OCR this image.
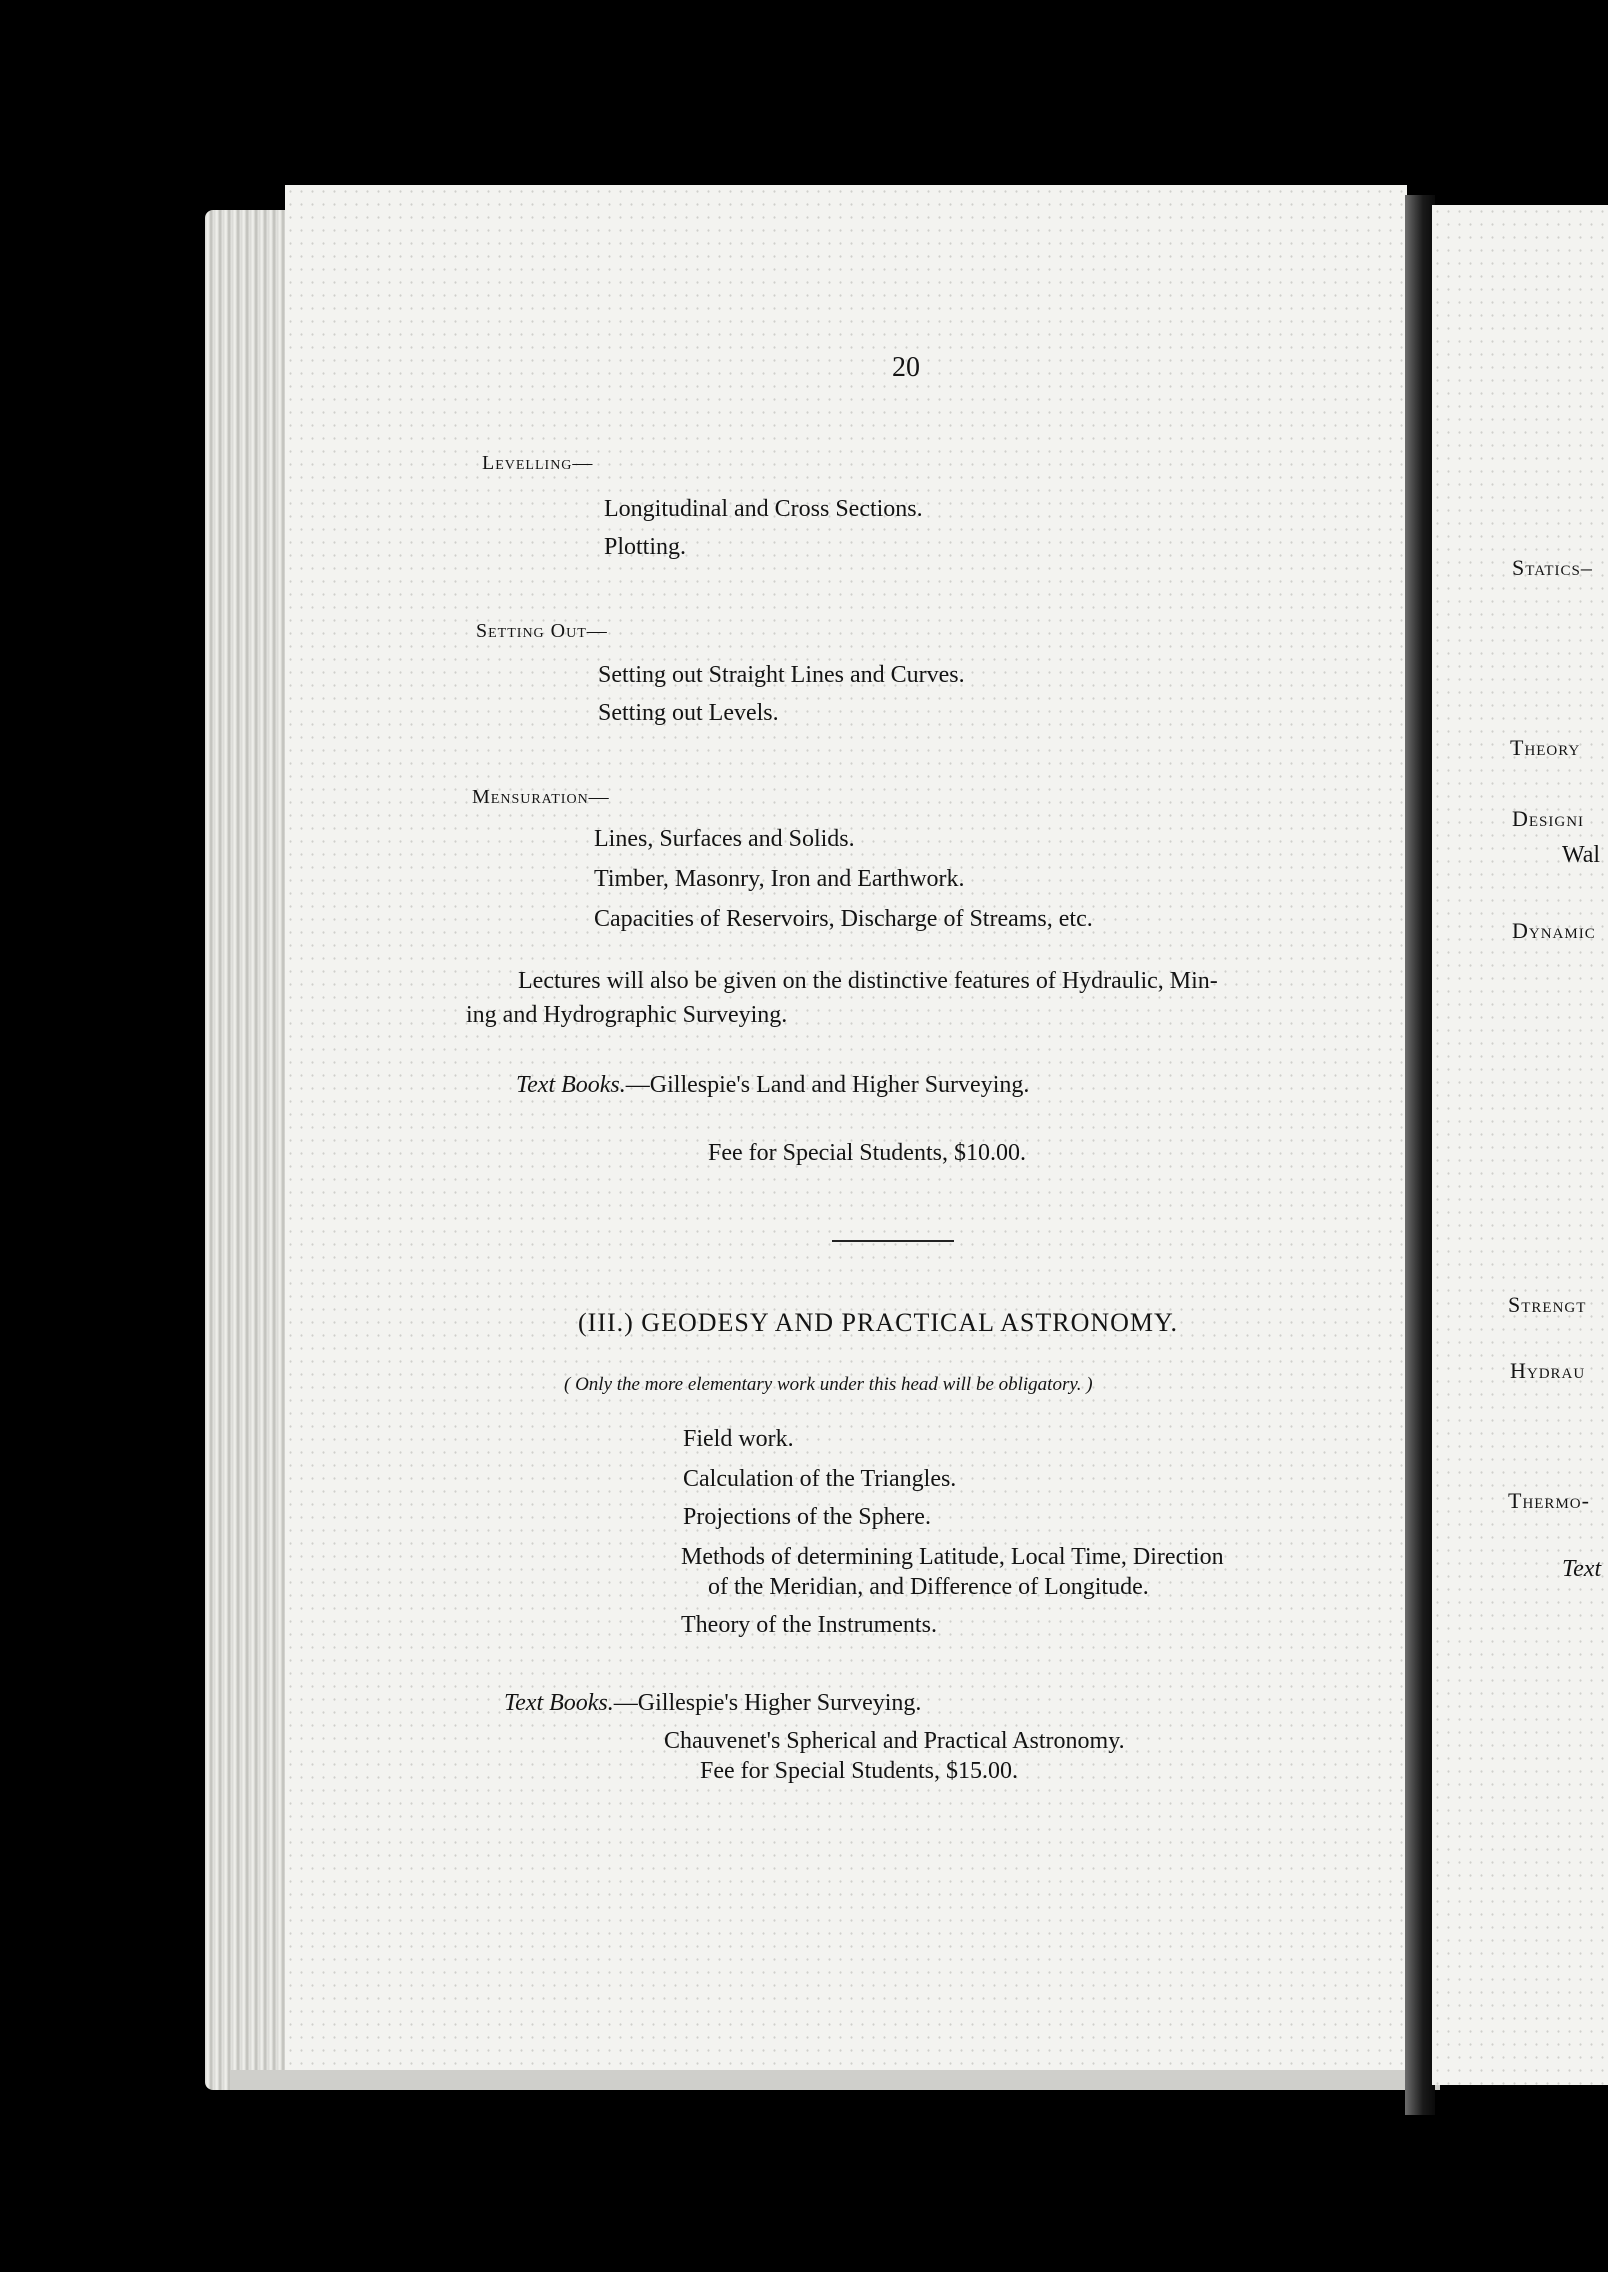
20
Levelling—
Longitudinal and Cross Sections.
Plotting.
Setting Out—
Setting out Straight Lines and Curves.
Setting out Levels.
Mensuration—
Lines, Surfaces and Solids.
Timber, Masonry, Iron and Earthwork.
Capacities of Reservoirs, Discharge of Streams, etc.
Lectures will also be given on the distinctive features of Hydraulic, Min-
ing and Hydrographic Surveying.
Text Books.—Gillespie's Land and Higher Surveying.
Fee for Special Students, $10.00.
(III.) GEODESY AND PRACTICAL ASTRONOMY.
( Only the more elementary work under this head will be obligatory. )
Field work.
Calculation of the Triangles.
Projections of the Sphere.
Methods of determining Latitude, Local Time, Direction
of the Meridian, and Difference of Longitude.
Theory of the Instruments.
Text Books.—Gillespie's Higher Surveying.
Chauvenet's Spherical and Practical Astronomy.
Fee for Special Students, $15.00.
Statics–
Theory
Designi
Wal
Dynamic
Strengt
Hydrau
Thermo-
Text
